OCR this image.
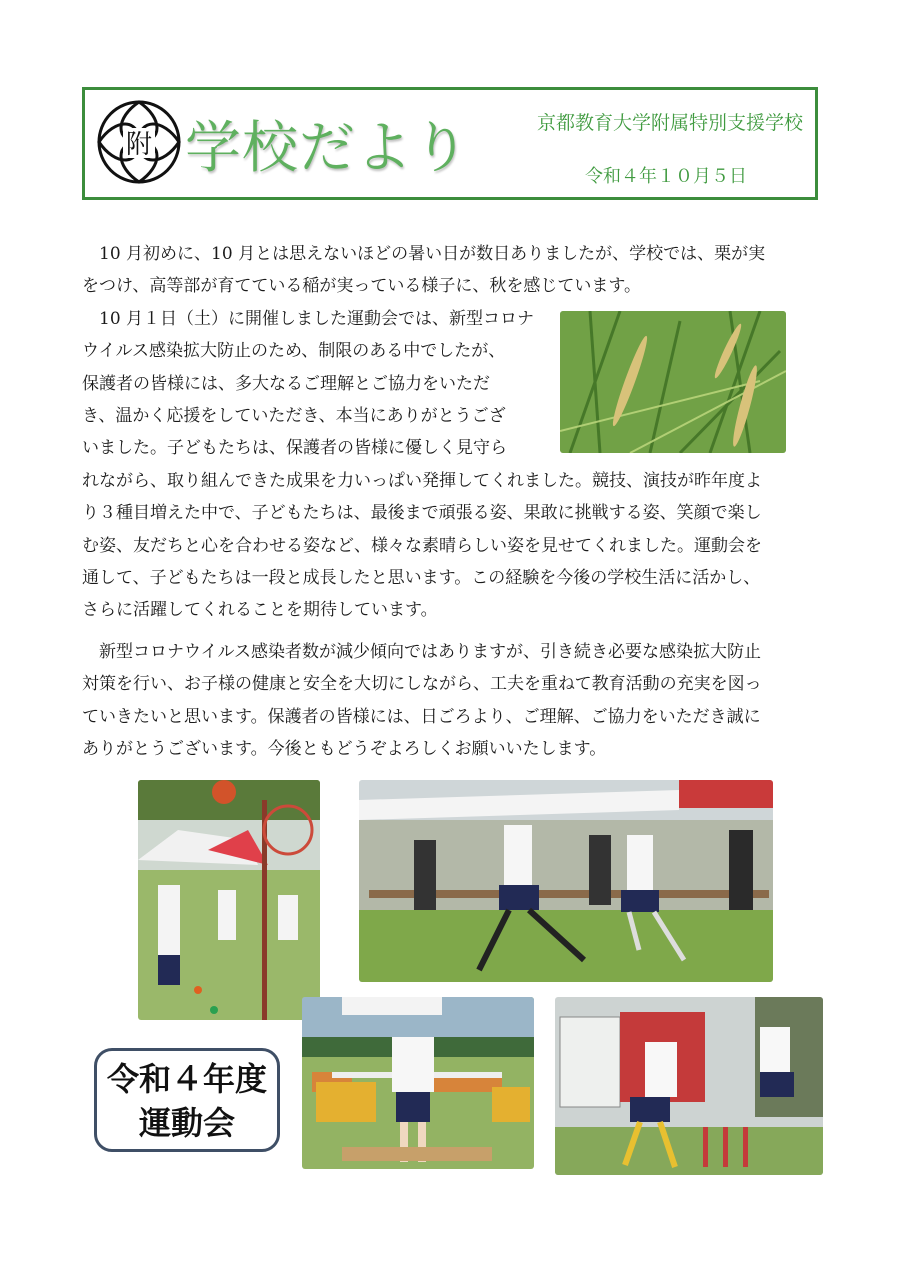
附 学校だより	京都教育大学附属特別支援学校
令和４年１０月５日
　10 月初めに、10 月とは思えないほどの暑い日が数日ありましたが、学校では、栗が実
をつけ、高等部が育てている稲が実っている様子に、秋を感じています。
　10 月１日（土）に開催しました運動会では、新型コロナ
ウイルス感染拡大防止のため、制限のある中でしたが、
保護者の皆様には、多大なるご理解とご協力をいただ
き、温かく応援をしていただき、本当にありがとうござ
いました。子どもたちは、保護者の皆様に優しく見守ら
れながら、取り組んできた成果を力いっぱい発揮してくれました。競技、演技が昨年度よ
り３種目増えた中で、子どもたちは、最後まで頑張る姿、果敢に挑戦する姿、笑顔で楽し
む姿、友だちと心を合わせる姿など、様々な素晴らしい姿を見せてくれました。運動会を
通して、子どもたちは一段と成長したと思います。この経験を今後の学校生活に活かし、
さらに活躍してくれることを期待しています。
　新型コロナウイルス感染者数が減少傾向ではありますが、引き続き必要な感染拡大防止
対策を行い、お子様の健康と安全を大切にしながら、工夫を重ねて教育活動の充実を図っ
ていきたいと思います。保護者の皆様には、日ごろより、ご理解、ご協力をいただき誠に
ありがとうございます。今後ともどうぞよろしくお願いいたします。
令和４年度
運動会
